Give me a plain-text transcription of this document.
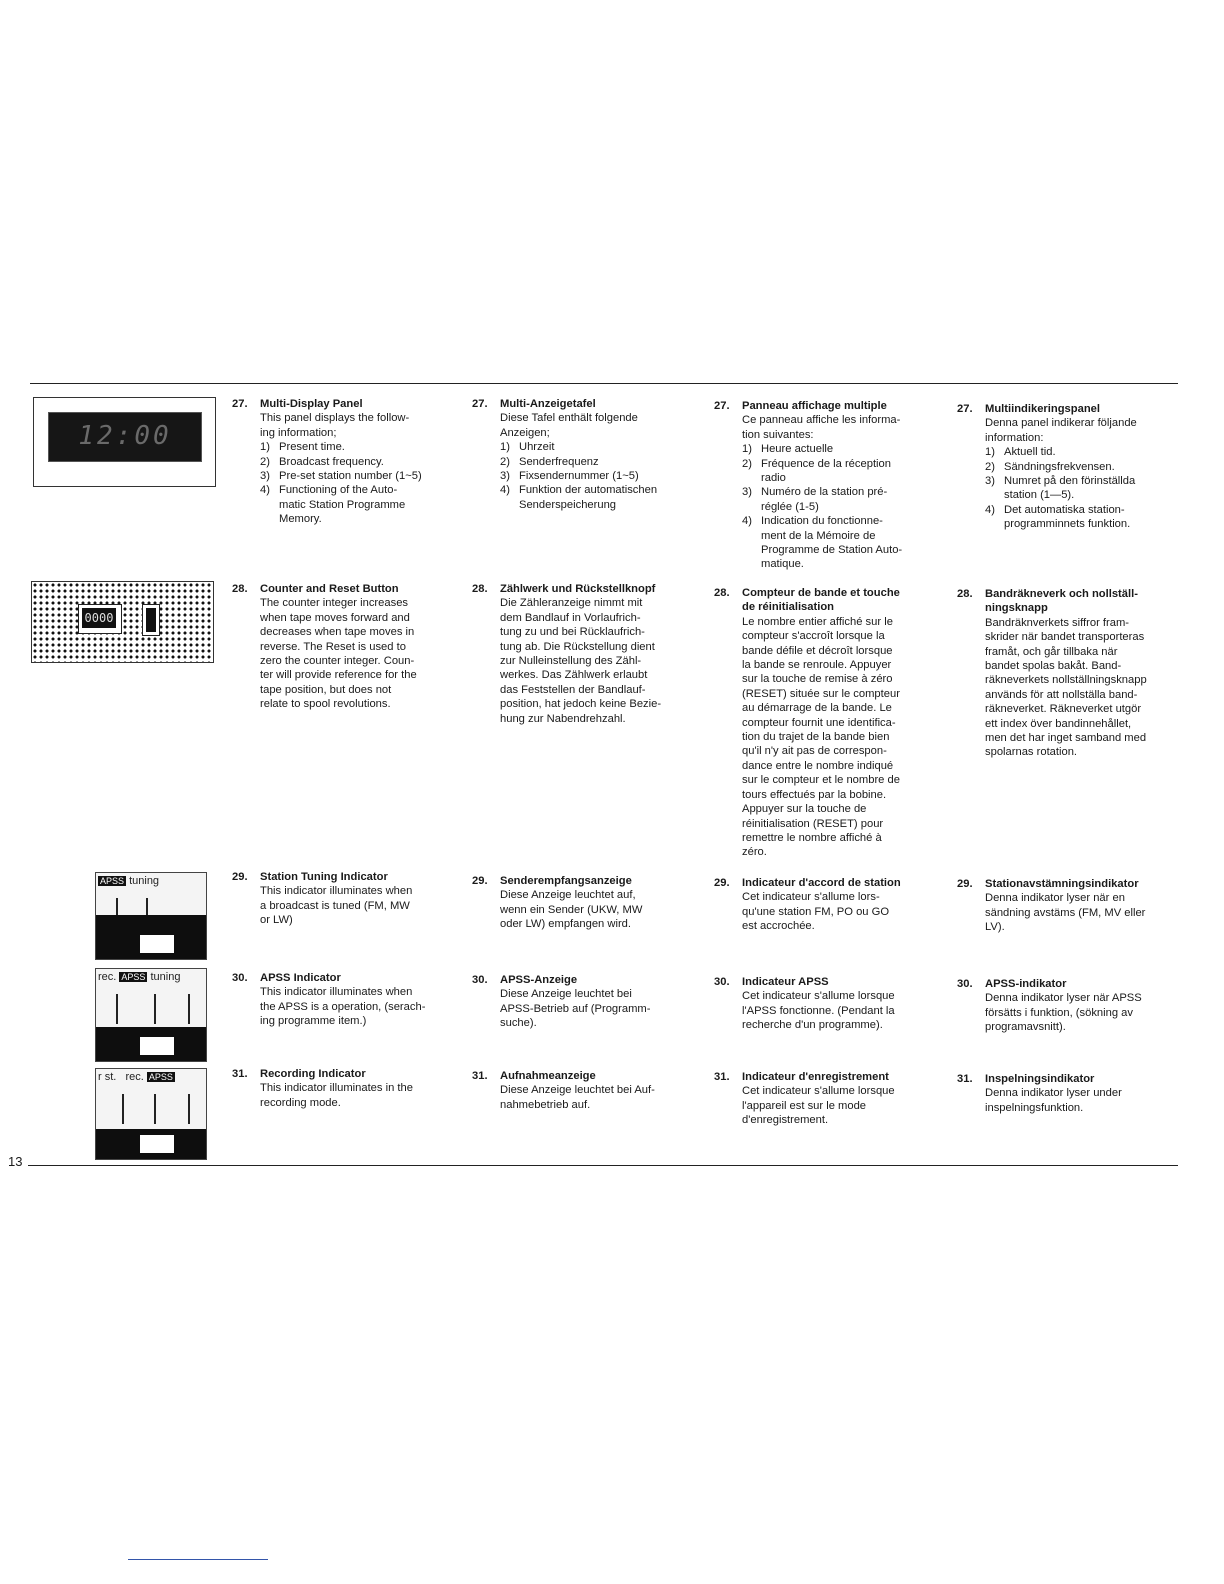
13
12:00
0000
APSS tuning
rec. APSS tuning
r st. rec. APSS
27. Multi-Display Panel
This panel displays the follow-
ing information;
1) Present time.
2) Broadcast frequency.
3) Pre-set station number (1~5)
4) Functioning of the Auto-
matic Station Programme
Memory.
28. Counter and Reset Button
The counter integer increases
when tape moves forward and
decreases when tape moves in
reverse. The Reset is used to
zero the counter integer. Coun-
ter will provide reference for the
tape position, but does not
relate to spool revolutions.
29. Station Tuning Indicator
This indicator illuminates when
a broadcast is tuned (FM, MW
or LW)
30. APSS Indicator
This indicator illuminates when
the APSS is a operation, (serach-
ing programme item.)
31. Recording Indicator
This indicator illuminates in the
recording mode.
27. Multi-Anzeigetafel
Diese Tafel enthält folgende
Anzeigen;
1) Uhrzeit
2) Senderfrequenz
3) Fixsendernummer (1~5)
4) Funktion der automatischen
Senderspeicherung
28. Zählwerk und Rückstellknopf
Die Zähleranzeige nimmt mit
dem Bandlauf in Vorlaufrich-
tung zu und bei Rücklaufrich-
tung ab. Die Rückstellung dient
zur Nulleinstellung des Zähl-
werkes. Das Zählwerk erlaubt
das Feststellen der Bandlauf-
position, hat jedoch keine Bezie-
hung zur Nabendrehzahl.
29. Senderempfangsanzeige
Diese Anzeige leuchtet auf,
wenn ein Sender (UKW, MW
oder LW) empfangen wird.
30. APSS-Anzeige
Diese Anzeige leuchtet bei
APSS-Betrieb auf (Programm-
suche).
31. Aufnahmeanzeige
Diese Anzeige leuchtet bei Auf-
nahmebetrieb auf.
27. Panneau affichage multiple
Ce panneau affiche les informa-
tion suivantes:
1) Heure actuelle
2) Fréquence de la réception
radio
3) Numéro de la station pré-
réglée (1-5)
4) Indication du fonctionne-
ment de la Mémoire de
Programme de Station Auto-
matique.
28. Compteur de bande et touche
de réinitialisation
Le nombre entier affiché sur le
compteur s'accroît lorsque la
bande défile et décroît lorsque
la bande se renroule. Appuyer
sur la touche de remise à zéro
(RESET) située sur le compteur
au démarrage de la bande. Le
compteur fournit une identifica-
tion du trajet de la bande bien
qu'il n'y ait pas de correspon-
dance entre le nombre indiqué
sur le compteur et le nombre de
tours effectués par la bobine.
Appuyer sur la touche de
réinitialisation (RESET) pour
remettre le nombre affiché à
zéro.
29. Indicateur d'accord de station
Cet indicateur s'allume lors-
qu'une station FM, PO ou GO
est accrochée.
30. Indicateur APSS
Cet indicateur s'allume lorsque
l'APSS fonctionne. (Pendant la
recherche d'un programme).
31. Indicateur d'enregistrement
Cet indicateur s'allume lorsque
l'appareil est sur le mode
d'enregistrement.
27. Multiindikeringspanel
Denna panel indikerar följande
information:
1) Aktuell tid.
2) Sändningsfrekvensen.
3) Numret på den förinställda
station (1—5).
4) Det automatiska station-
programminnets funktion.
28. Bandräkneverk och nollställ-
ningsknapp
Bandräknverkets siffror fram-
skrider när bandet transporteras
framåt, och går tillbaka när
bandet spolas bakåt. Band-
räkneverkets nollställningsknapp
används för att nollställa band-
räkneverket. Räkneverket utgör
ett index över bandinnehållet,
men det har inget samband med
spolarnas rotation.
29. Stationavstämningsindikator
Denna indikator lyser när en
sändning avstäms (FM, MV eller
LV).
30. APSS-indikator
Denna indikator lyser när APSS
försätts i funktion, (sökning av
programavsnitt).
31. Inspelningsindikator
Denna indikator lyser under
inspelningsfunktion.
